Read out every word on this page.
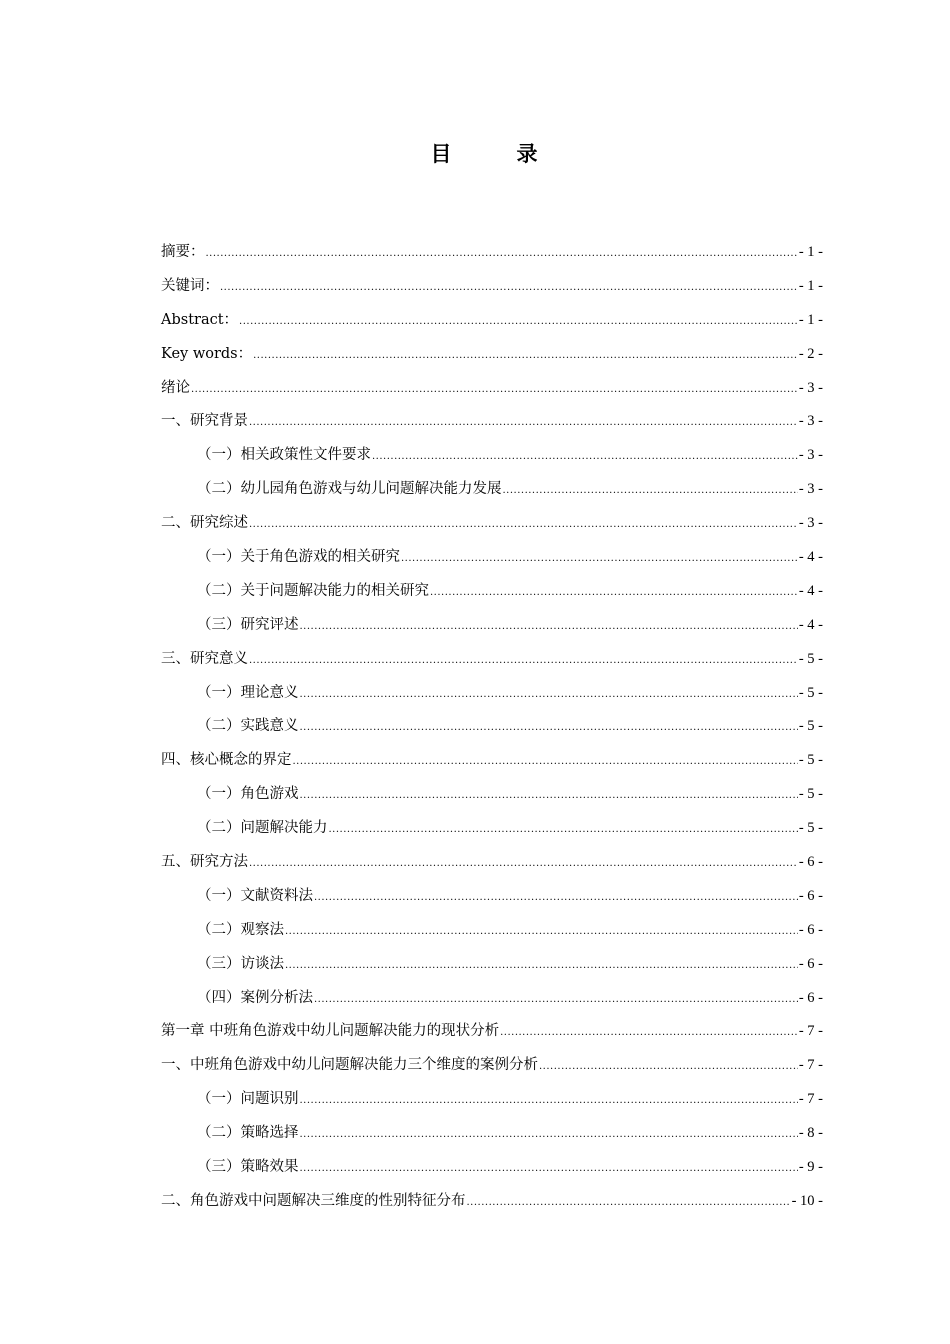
目　录
摘要： .....	- 1 -
关键词： .....	- 1 -
Abstract： .....	- 1 -
Key words： .....	- 2 -
绪论 .....	- 3 -
一、研究背景 .....	- 3 -
（一）相关政策性文件要求 .....	- 3 -
（二）幼儿园角色游戏与幼儿问题解决能力发展 .....	- 3 -
二、研究综述 .....	- 3 -
（一）关于角色游戏的相关研究 .....	- 4 -
（二）关于问题解决能力的相关研究 .....	- 4 -
（三）研究评述 .....	- 4 -
三、研究意义 .....	- 5 -
（一）理论意义 .....	- 5 -
（二）实践意义 .....	- 5 -
四、核心概念的界定 .....	- 5 -
（一）角色游戏 .....	- 5 -
（二）问题解决能力 .....	- 5 -
五、研究方法 .....	- 6 -
（一）文献资料法 .....	- 6 -
（二）观察法 .....	- 6 -
（三）访谈法 .....	- 6 -
（四）案例分析法 .....	- 6 -
第一章 中班角色游戏中幼儿问题解决能力的现状分析 .....	- 7 -
一、中班角色游戏中幼儿问题解决能力三个维度的案例分析 .....	- 7 -
（一）问题识别 .....	- 7 -
（二）策略选择 .....	- 8 -
（三）策略效果 .....	- 9 -
二、角色游戏中问题解决三维度的性别特征分布 .....	- 10 -
